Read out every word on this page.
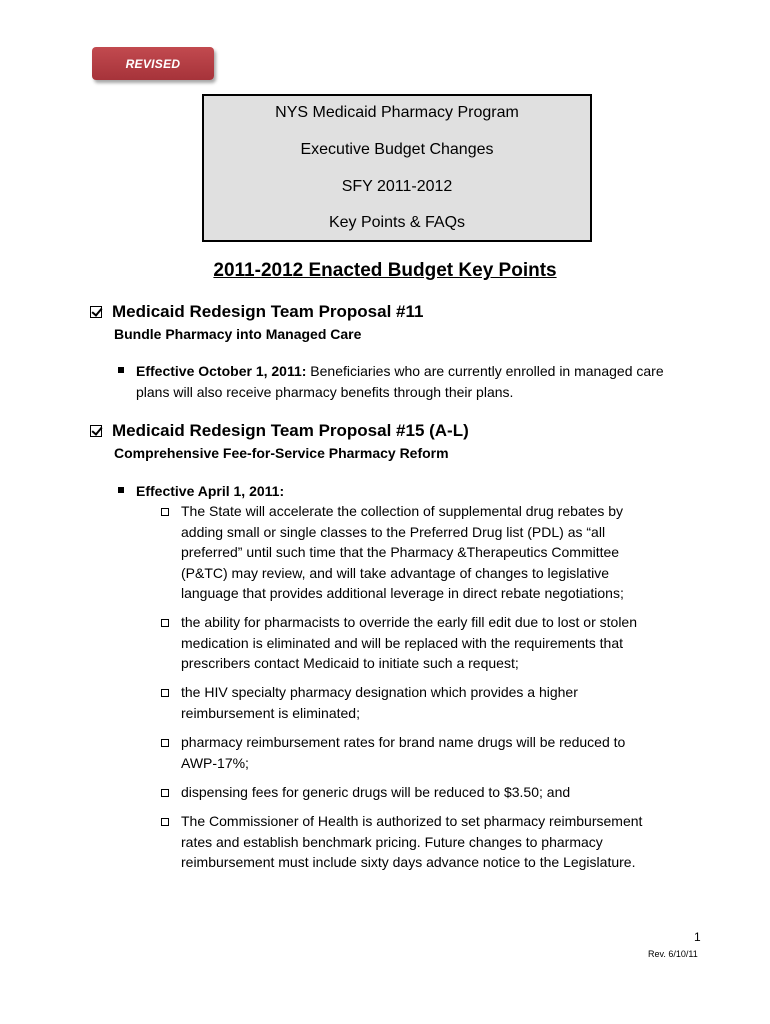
REVISED
NYS Medicaid Pharmacy Program
Executive Budget Changes
SFY 2011-2012
Key Points & FAQs
2011-2012 Enacted Budget Key Points
Medicaid Redesign Team Proposal #11
Bundle Pharmacy into Managed Care
Effective October 1, 2011: Beneficiaries who are currently enrolled in managed care
plans will also receive pharmacy benefits through their plans.
Medicaid Redesign Team Proposal #15 (A-L)
Comprehensive Fee-for-Service Pharmacy Reform
Effective April 1, 2011:
The State will accelerate the collection of supplemental drug rebates by
adding small or single classes to the Preferred Drug list (PDL) as “all
preferred” until such time that the Pharmacy &Therapeutics Committee
(P&TC) may review, and will take advantage of changes to legislative
language that provides additional leverage in direct rebate negotiations;
the ability for pharmacists to override the early fill edit due to lost or stolen
medication is eliminated and will be replaced with the requirements that
prescribers contact Medicaid to initiate such a request;
the HIV specialty pharmacy designation which provides a higher
reimbursement is eliminated;
pharmacy reimbursement rates for brand name drugs will be reduced to
AWP-17%;
dispensing fees for generic drugs will be reduced to $3.50; and
The Commissioner of Health is authorized to set pharmacy reimbursement
rates and establish benchmark pricing. Future changes to pharmacy
reimbursement must include sixty days advance notice to the Legislature.
1
Rev. 6/10/11
